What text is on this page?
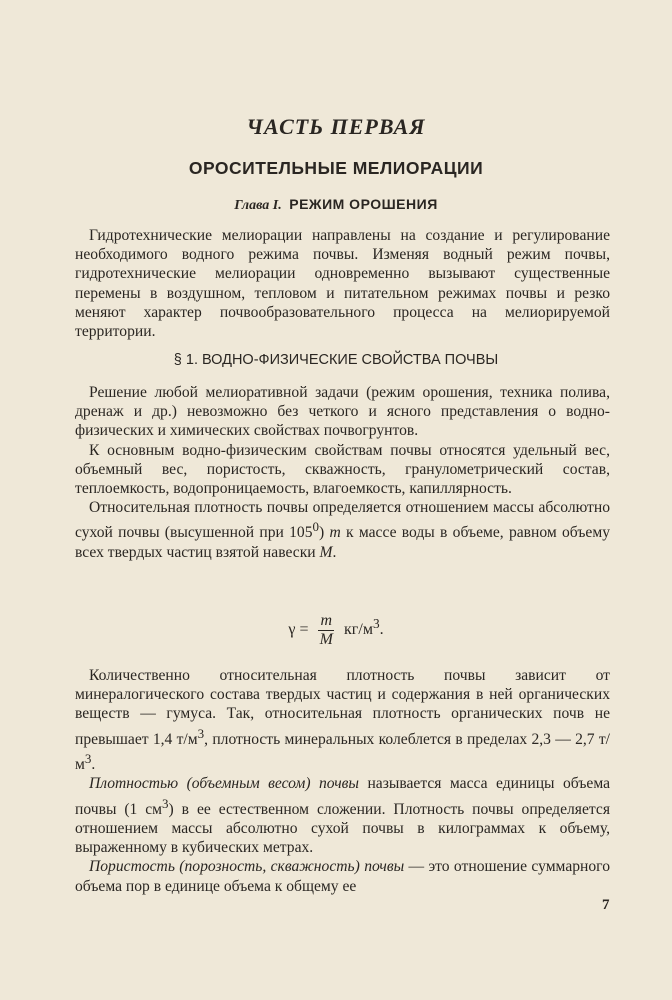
ЧАСТЬ ПЕРВАЯ
ОРОСИТЕЛЬНЫЕ МЕЛИОРАЦИИ
Глава I. РЕЖИМ ОРОШЕНИЯ

Гидротехнические мелиорации направлены на создание и регулирование необходимого водного режима почвы. Изменяя водный режим почвы, гидротехнические мелиорации одновременно вызывают существенные перемены в воздушном, тепловом и питательном режимах почвы и резко меняют характер почвообразовательного процесса на мелиорируемой территории.

§ 1. ВОДНО-ФИЗИЧЕСКИЕ СВОЙСТВА ПОЧВЫ

Решение любой мелиоративной задачи (режим орошения, техника полива, дренаж и др.) невозможно без четкого и ясного представления о водно-физических и химических свойствах почвогрунтов.

К основным водно-физическим свойствам почвы относятся удельный вес, объемный вес, пористость, скважность, гранулометрический состав, теплоемкость, водопроницаемость, влагоемкость, капиллярность.

Относительная плотность почвы определяется отношением массы абсолютно сухой почвы (высушенной при $105^0$) m к массе воды в объеме, равном объему всех твердых частиц взятой навески M.

$\gamma = \frac{m}{M} кг/м^3$.

Количественно относительная плотность почвы зависит от минералогического состава твердых частиц и содержания в ней органических веществ — гумуса. Так, относительная плотность органических почв не превышает 1,4 $т/м^3$, плотность минеральных колеблется в пределах 2,3 — 2,7 $т/м^3$.

Плотностью (объемным весом) почвы называется масса единицы объема почвы (1 $см^3$) в ее естественном сложении. Плотность почвы определяется отношением массы абсолютно сухой почвы в килограммах к объему, выраженному в кубических метрах.

Пористость (порозность, скважность) почвы — это отношение суммарного объема пор в единице объема к общему ее

7
